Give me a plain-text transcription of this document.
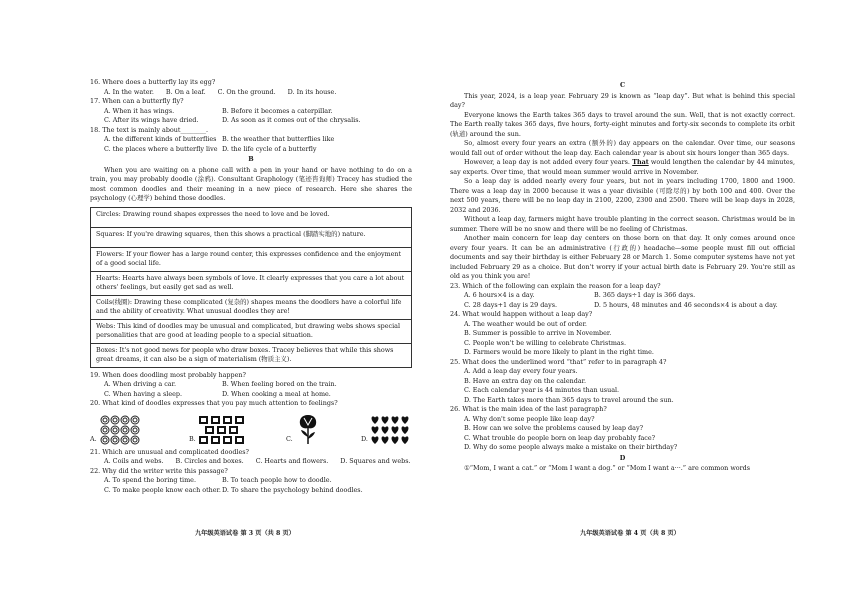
16. Where does a butterfly lay its egg?

A. In the water. B. On a leaf. C. On the ground. D. In its house.

17. When can a butterfly fly?

A. When it has wings.	B. Before it becomes a caterpillar.
C. After its wings have dried.	D. As soon as it comes out of the chrysalis.

18. The text is mainly about________.

A. the different kinds of butterflies B. the weather that butterflies like
C. the places where a butterfly live D. the life cycle of a butterfly
B

When you are waiting on a phone call with a pen in your hand or have nothing to do on a train, you may probably doodle (涂鸦). Consultant Graphology (笔迹咨询师) Tracey has studied the most common doodles and their meaning in a new piece of research. Here she shares the psychology (心理学) behind those doodles.

Circles: Drawing round shapes expresses the need to love and be loved.
Squares: If you're drawing squares, then this shows a practical (脚踏实地的) nature.
Flowers: If your flower has a large round center, this expresses confidence and the enjoyment of a good social life.
Hearts: Hearts have always been symbols of love. It clearly expresses that you care a lot about others' feelings, but easily get sad as well.
Coils(线圈): Drawing these complicated (复杂的) shapes means the doodlers have a colorful life and the ability of creativity. What unusual doodles they are!
Webs: This kind of doodles may be unusual and complicated, but drawing webs shows special personalities that are good at leading people to a special situation.
Boxes: It's not good news for people who draw boxes. Tracey believes that while this shows great dreams, it can also be a sign of materialism (物质主义).

19. When does doodling most probably happen?

A. When driving a car.	B. When feeling bored on the train.
C. When having a sleep.	D. When cooking a meal at home.

20. What kind of doodles expresses that you pay much attention to feelings?

A.	B.	C.	D.

21. Which are unusual and complicated doodles?

A. Coils and webs. B. Circles and boxes. C. Hearts and flowers. D. Squares and webs.

22. Why did the writer write this passage?

A. To spend the boring time.	B. To teach people how to doodle.
C. To make people know each other. D. To share the psychology behind doodles.
九年级英语试卷 第 3 页（共 8 页）
C

This year, 2024, is a leap year. February 29 is known as “leap day”. But what is behind this special day?

Everyone knows the Earth takes 365 days to travel around the sun. Well, that is not exactly correct. The Earth really takes 365 days, five hours, forty-eight minutes and forty-six seconds to complete its orbit (轨道) around the sun.

So, almost every four years an extra (额外的) day appears on the calendar. Over time, our seasons would fall out of order without the leap day. Each calendar year is about six hours longer than 365 days.

However, a leap day is not added every four years. That would lengthen the calendar by 44 minutes, say experts. Over time, that would mean summer would arrive in November.

So a leap day is added nearly every four years, but not in years including 1700, 1800 and 1900. There was a leap day in 2000 because it was a year divisible (可除尽的) by both 100 and 400. Over the next 500 years, there will be no leap day in 2100, 2200, 2300 and 2500. There will be leap days in 2028, 2032 and 2036.

Without a leap day, farmers might have trouble planting in the correct season. Christmas would be in summer. There will be no snow and there will be no feeling of Christmas.

Another main concern for leap day centers on those born on that day. It only comes around once every four years. It can be an administrative (行政的) headache—some people must fill out official documents and say their birthday is either February 28 or March 1. Some computer systems have not yet included February 29 as a choice. But don't worry if your actual birth date is February 29. You're still as old as you think you are!

23. Which of the following can explain the reason for a leap day?

A. 6 hours×4 is a day.	B. 365 days÷1 day is 366 days.
C. 28 days+1 day is 29 days.	D. 5 hours, 48 minutes and 46 seconds×4 is about a day.

24. What would happen without a leap day?

A. The weather would be out of order.
B. Summer is possible to arrive in November.
C. People won't be willing to celebrate Christmas.
D. Farmers would be more likely to plant in the right time.

25. What does the underlined word “that” refer to in paragraph 4?

A. Add a leap day every four years.
B. Have an extra day on the calendar.
C. Each calendar year is 44 minutes than usual.
D. The Earth takes more than 365 days to travel around the sun.

26. What is the main idea of the last paragraph?

A. Why don't some people like leap day?
B. How can we solve the problems caused by leap day?
C. What trouble do people born on leap day probably face?
D. Why do some people always make a mistake on their birthday?
D

①“Mom, I want a cat.” or “Mom I want a dog.” or “Mom I want a···.” are common words

九年级英语试卷 第 4 页（共 8 页）
